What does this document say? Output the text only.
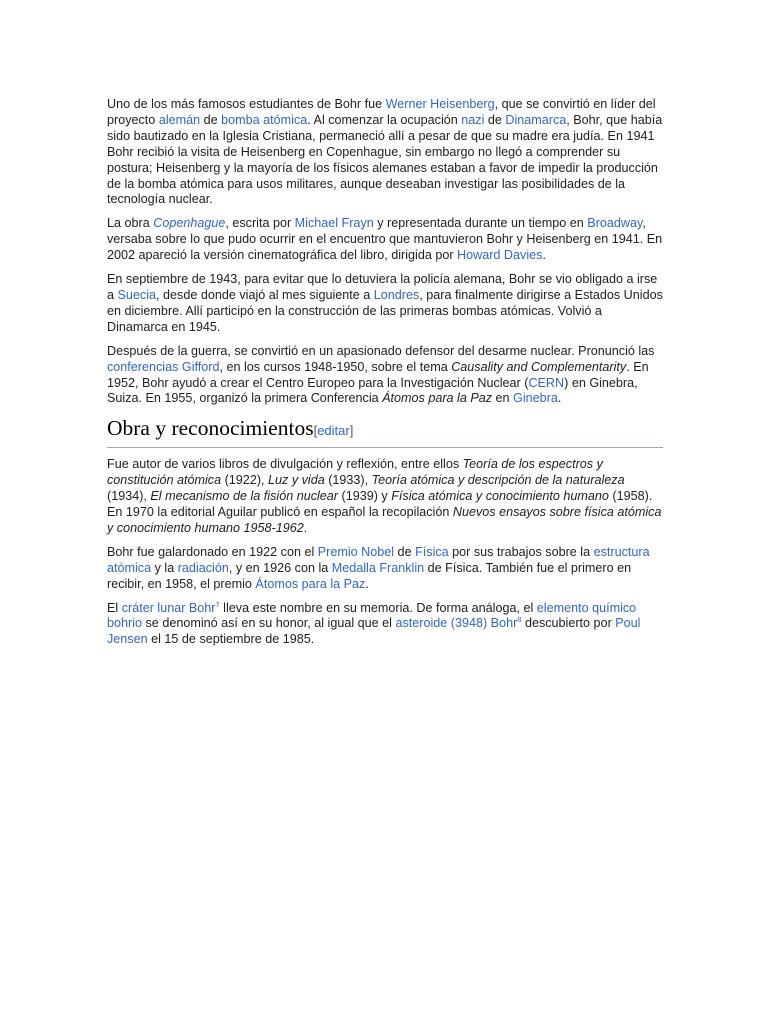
Uno de los más famosos estudiantes de Bohr fue Werner Heisenberg, que se convirtió en líder del proyecto alemán de bomba atómica. Al comenzar la ocupación nazi de Dinamarca, Bohr, que había sido bautizado en la Iglesia Cristiana, permaneció allí a pesar de que su madre era judía. En 1941 Bohr recibió la visita de Heisenberg en Copenhague, sin embargo no llegó a comprender su postura; Heisenberg y la mayoría de los físicos alemanes estaban a favor de impedir la producción de la bomba atómica para usos militares, aunque deseaban investigar las posibilidades de la tecnología nuclear.

La obra Copenhague, escrita por Michael Frayn y representada durante un tiempo en Broadway, versaba sobre lo que pudo ocurrir en el encuentro que mantuvieron Bohr y Heisenberg en 1941. En 2002 apareció la versión cinematográfica del libro, dirigida por Howard Davies.

En septiembre de 1943, para evitar que lo detuviera la policía alemana, Bohr se vio obligado a irse a Suecia, desde donde viajó al mes siguiente a Londres, para finalmente dirigirse a Estados Unidos en diciembre. Allí participó en la construcción de las primeras bombas atómicas. Volvió a Dinamarca en 1945.

Después de la guerra, se convirtió en un apasionado defensor del desarme nuclear. Pronunció las conferencias Gifford, en los cursos 1948-1950, sobre el tema Causality and Complementarity. En 1952, Bohr ayudó a crear el Centro Europeo para la Investigación Nuclear (CERN) en Ginebra, Suiza. En 1955, organizó la primera Conferencia Átomos para la Paz en Ginebra.

Obra y reconocimientos[editar]

Fue autor de varios libros de divulgación y reflexión, entre ellos Teoría de los espectros y constitución atómica (1922), Luz y vida (1933), Teoría atómica y descripción de la naturaleza (1934), El mecanismo de la fisión nuclear (1939) y Física atómica y conocimiento humano (1958). En 1970 la editorial Aguilar publicó en español la recopilación Nuevos ensayos sobre física atómica y conocimiento humano 1958-1962.

Bohr fue galardonado en 1922 con el Premio Nobel de Física por sus trabajos sobre la estructura atómica y la radiación, y en 1926 con la Medalla Franklin de Física. También fue el primero en recibir, en 1958, el premio Átomos para la Paz.

El cráter lunar Bohr$^7$ lleva este nombre en su memoria. De forma análoga, el elemento químico bohrio se denominó así en su honor, al igual que el asteroide (3948) Bohr$^8$ descubierto por Poul Jensen el 15 de septiembre de 1985.
